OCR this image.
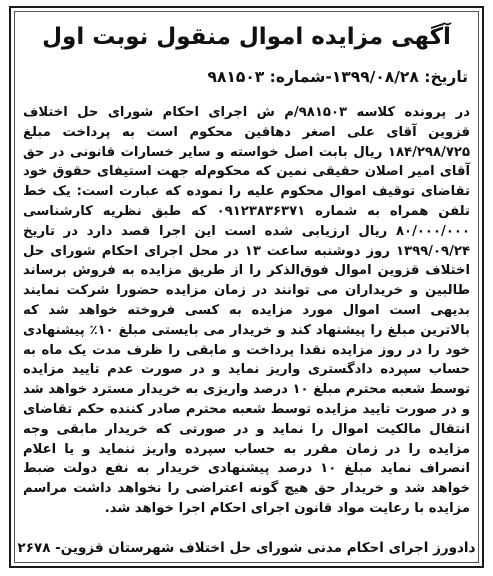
آگهی مزایده اموال منقول نوبت اول
تاریخ: ۱۳۹۹/۰۸/۲۸-شماره: ۹۸۱۵۰۳

در پرونده کلاسه ۹۸۱۵۰۳/م ش اجرای احکام شورای حل اختلاف قزوین آقای علی اصغر دهاقین محکوم است به پرداخت مبلغ ۱۸۴/۲۹۸/۷۲۵ ریال بابت اصل خواسته و سایر خسارات قانونی در حق آقای امیر اصلان حقیقی نمین که محکوم‌له جهت استیفای حقوق خود تقاضای توقیف اموال محکوم علیه را نموده که عبارت است: یک خط تلفن همراه به شماره ۰۹۱۲۳۸۳۶۳۷۱ که طبق نظریه کارشناسی ۸۰/۰۰۰/۰۰۰ ریال ارزیابی شده است این اجرا قصد دارد در تاریخ ۱۳۹۹/۰۹/۲۴ روز دوشنبه ساعت ۱۳ در محل اجرای احکام شورای حل اختلاف قزوین اموال فوق‌الذکر را از طریق مزایده به فروش برساند طالبین و خریداران می توانند در زمان مزایده حضورا شرکت نمایند بدیهی است اموال مورد مزایده به کسی فروخته خواهد شد که بالاترین مبلغ را پیشنهاد کند و خریدار می بایستی مبلغ ۱۰٪ پیشنهادی خود را در روز مزایده نقدا پرداخت و مابقی را ظرف مدت یک ماه به حساب سپرده دادگستری واریز نماید و در صورت عدم تایید مزایده توسط شعبه محترم مبلغ ۱۰ درصد واریزی به خریدار مسترد خواهد شد و در صورت تایید مزایده توسط شعبه محترم صادر کننده حکم تقاضای انتقال مالکیت اموال را نماید و در صورتی که خریدار مابقی وجه مزایده را در زمان مقرر به حساب سپرده واریز ننماید و یا اعلام انصراف نماید مبلغ ۱۰ درصد پیشنهادی خریدار به نفع دولت ضبط خواهد شد و خریدار حق هیچ گونه اعتراضی را نخواهد داشت مراسم مزایده با رعایت مواد قانون اجرای احکام اجرا خواهد شد.

دادورز اجرای احکام مدنی شورای حل اختلاف شهرستان قزوین- ۲۶۷۸
